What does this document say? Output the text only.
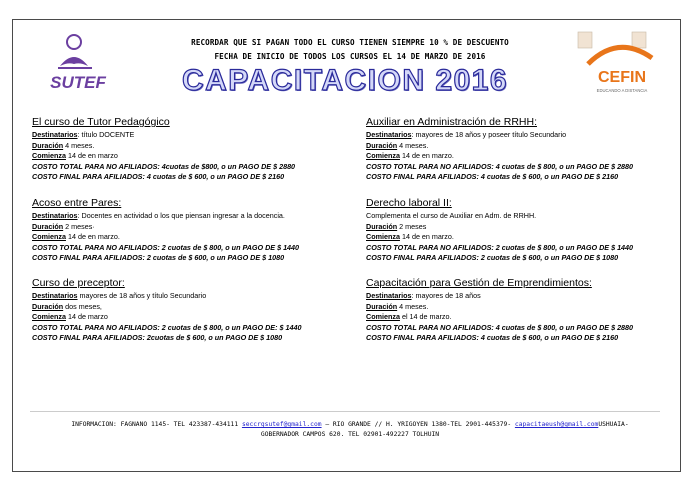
SUTEF	CEFIN
EDUCANDO A DISTANCIA
RECORDAR QUE SI PAGAN TODO EL CURSO TIENEN SIEMPRE 10 % DE DESCUENTO
FECHA DE INICIO DE TODOS LOS CURSOS EL 14 DE MARZO DE 2016
CAPACITACION 2016
El curso de Tutor Pedagógico
Destinatarios: título DOCENTE
Duración 4 meses.
Comienza 14 de en marzo
COSTO TOTAL PARA NO AFILIADOS: 4cuotas de $800, o un PAGO DE $ 2880
COSTO FINAL PARA AFILIADOS: 4 cuotas de $ 600, o un PAGO DE $ 2160
Acoso entre Pares:
Destinatarios: Docentes en actividad o los que piensan ingresar a la docencia.
Duración 2 meses·
Comienza 14 de en marzo.
COSTO TOTAL PARA NO AFILIADOS: 2 cuotas de $ 800, o un PAGO DE $ 1440
COSTO FINAL PARA AFILIADOS: 2 cuotas de $ 600, o un PAGO DE $ 1080
Curso de preceptor:
Destinatarios mayores de 18 años y título Secundario
Duración dos meses,
Comienza 14 de marzo
COSTO TOTAL PARA NO AFILIADOS: 2 cuotas de $ 800, o un PAGO DE: $ 1440
COSTO FINAL PARA AFILIADOS: 2cuotas de $ 600, o un PAGO DE $ 1080
Auxiliar en Administración de RRHH:
Destinatarios: mayores de 18 años y poseer título Secundario
Duración 4 meses.
Comienza 14 de en marzo.
COSTO TOTAL PARA NO AFILIADOS: 4 cuotas de $ 800, o un PAGO DE $ 2880
COSTO FINAL PARA AFILIADOS: 4 cuotas de $ 600, o un PAGO DE $ 2160
Derecho laboral II:
Complementa el curso de Auxiliar en Adm. de RRHH.
Duración 2 meses
Comienza 14 de en marzo.
COSTO TOTAL PARA NO AFILIADOS: 2 cuotas de $ 800, o un PAGO DE $ 1440
COSTO FINAL PARA AFILIADOS: 2 cuotas de $ 600, o un PAGO DE $ 1080
Capacitación para Gestión de Emprendimientos:
Destinatarios: mayores de 18 años
Duración 4 meses.
Comienza el 14 de marzo.
COSTO TOTAL PARA NO AFILIADOS: 4 cuotas de $ 800, o un PAGO DE $ 2880
COSTO FINAL PARA AFILIADOS: 4 cuotas de $ 600, o un PAGO DE $ 2160
INFORMACION: FAGNANO 1145- TEL 423387-434111 seccrgsutef@gmail.com – RIO GRANDE // H. YRIGOYEN 1380-TEL 2901-445379- capacitaeush@gmail.comUSHUAIA-
GOBERNADOR CAMPOS 620. TEL 02901-492227 TOLHUIN
